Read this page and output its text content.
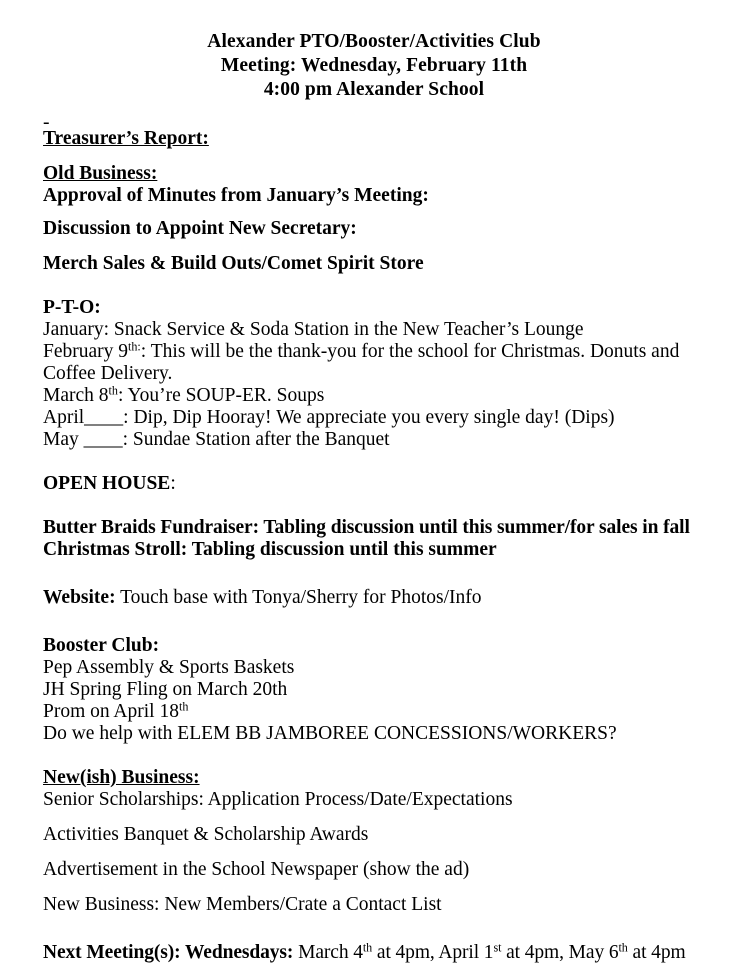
Alexander PTO/Booster/Activities Club
Meeting: Wednesday, February 11th
4:00 pm Alexander School
-
Treasurer’s Report:
Old Business:
Approval of Minutes from January’s Meeting:
Discussion to Appoint New Secretary:
Merch Sales & Build Outs/Comet Spirit Store
P-T-O:
January: Snack Service & Soda Station in the New Teacher’s Lounge
February $9^{th:}$: This will be the thank-you for the school for Christmas. Donuts and Coffee Delivery.
March 8th: You’re SOUP-ER. Soups
April____: Dip, Dip Hooray! We appreciate you every single day! (Dips)
May ____: Sundae Station after the Banquet
OPEN HOUSE:
Butter Braids Fundraiser: Tabling discussion until this summer/for sales in fall
Christmas Stroll: Tabling discussion until this summer
Website: Touch base with Tonya/Sherry for Photos/Info
Booster Club:
Pep Assembly & Sports Baskets
JH Spring Fling on March 20th
Prom on April 18th
Do we help with ELEM BB JAMBOREE CONCESSIONS/WORKERS?
New(ish) Business:
Senior Scholarships: Application Process/Date/Expectations
Activities Banquet & Scholarship Awards
Advertisement in the School Newspaper (show the ad)
New Business: New Members/Crate a Contact List
Next Meeting(s): Wednesdays: March 4th at 4pm, April 1st at 4pm, May 6th at 4pm
